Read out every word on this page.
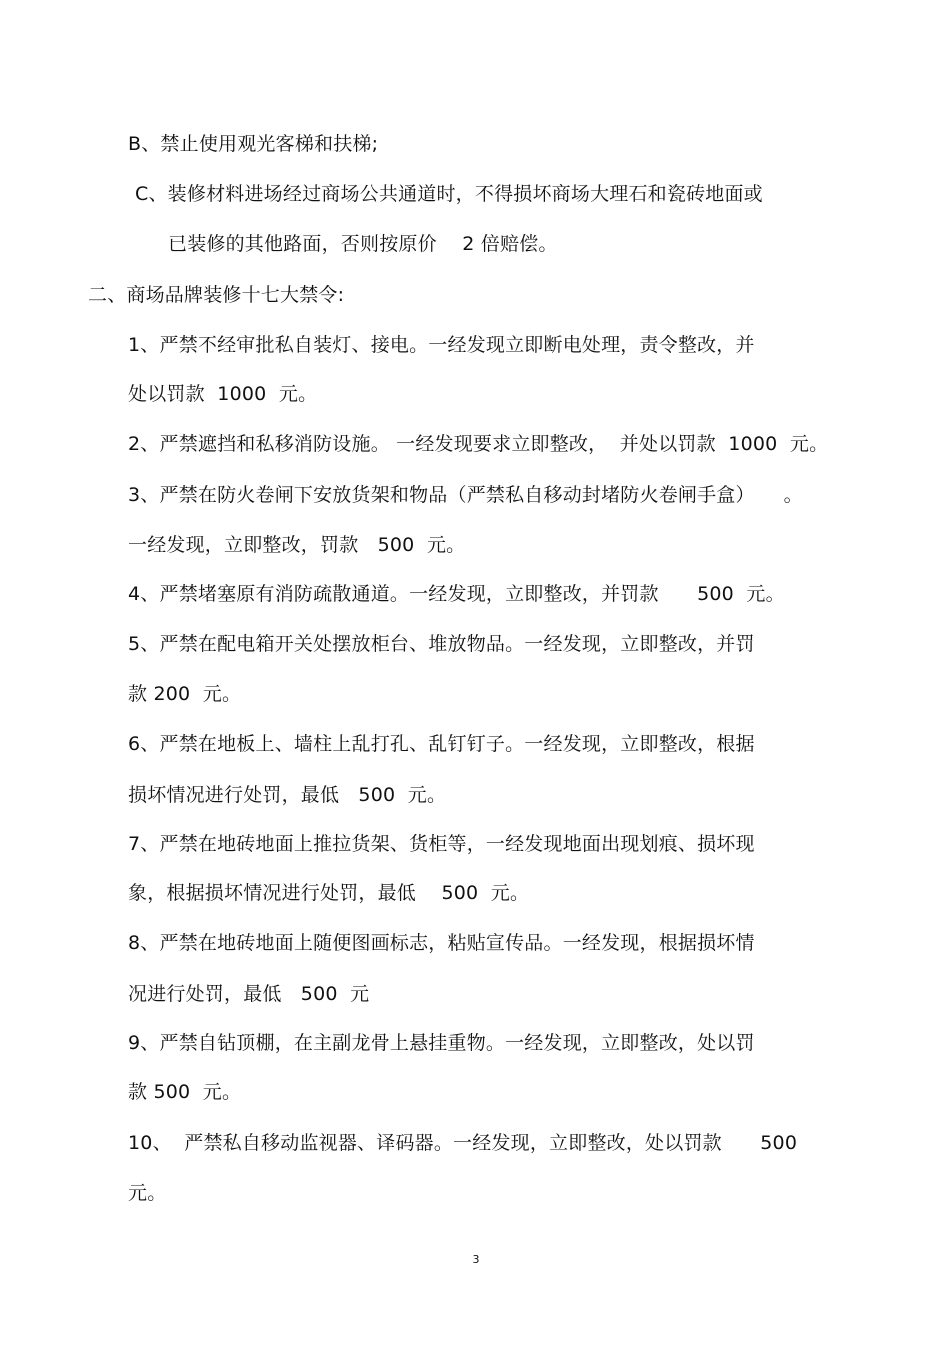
B、禁止使用观光客梯和扶梯;
C、装修材料进场经过商场公共通道时，不得损坏商场大理石和瓷砖地面或
已装修的其他路面，否则按原价　 2 倍赔偿。
二、商场品牌装修十七大禁令:
1、严禁不经审批私自装灯、接电。一经发现立即断电处理，责令整改，并
处以罚款  1000  元。
2、严禁遮挡和私移消防设施。 一经发现要求立即整改，  并处以罚款  1000  元。
3、严禁在防火卷闸下安放货架和物品（严禁私自移动封堵防火卷闸手盒）　　。
一经发现，立即整改，罚款　500  元。
4、严禁堵塞原有消防疏散通道。一经发现，立即整改，并罚款　　500  元。
5、严禁在配电箱开关处摆放柜台、堆放物品。一经发现，立即整改，并罚
款 200  元。
6、严禁在地板上、墙柱上乱打孔、乱钉钉子。一经发现，立即整改，根据
损坏情况进行处罚，最低　500  元。
7、严禁在地砖地面上推拉货架、货柜等，一经发现地面出现划痕、损坏现
象，根据损坏情况进行处罚，最低　 500  元。
8、严禁在地砖地面上随便图画标志，粘贴宣传品。一经发现，根据损坏情
况进行处罚，最低　500  元
9、严禁自钻顶棚，在主副龙骨上悬挂重物。一经发现，立即整改，处以罚
款 500  元。
10、  严禁私自移动监视器、译码器。一经发现，立即整改，处以罚款　　500
元。
3
